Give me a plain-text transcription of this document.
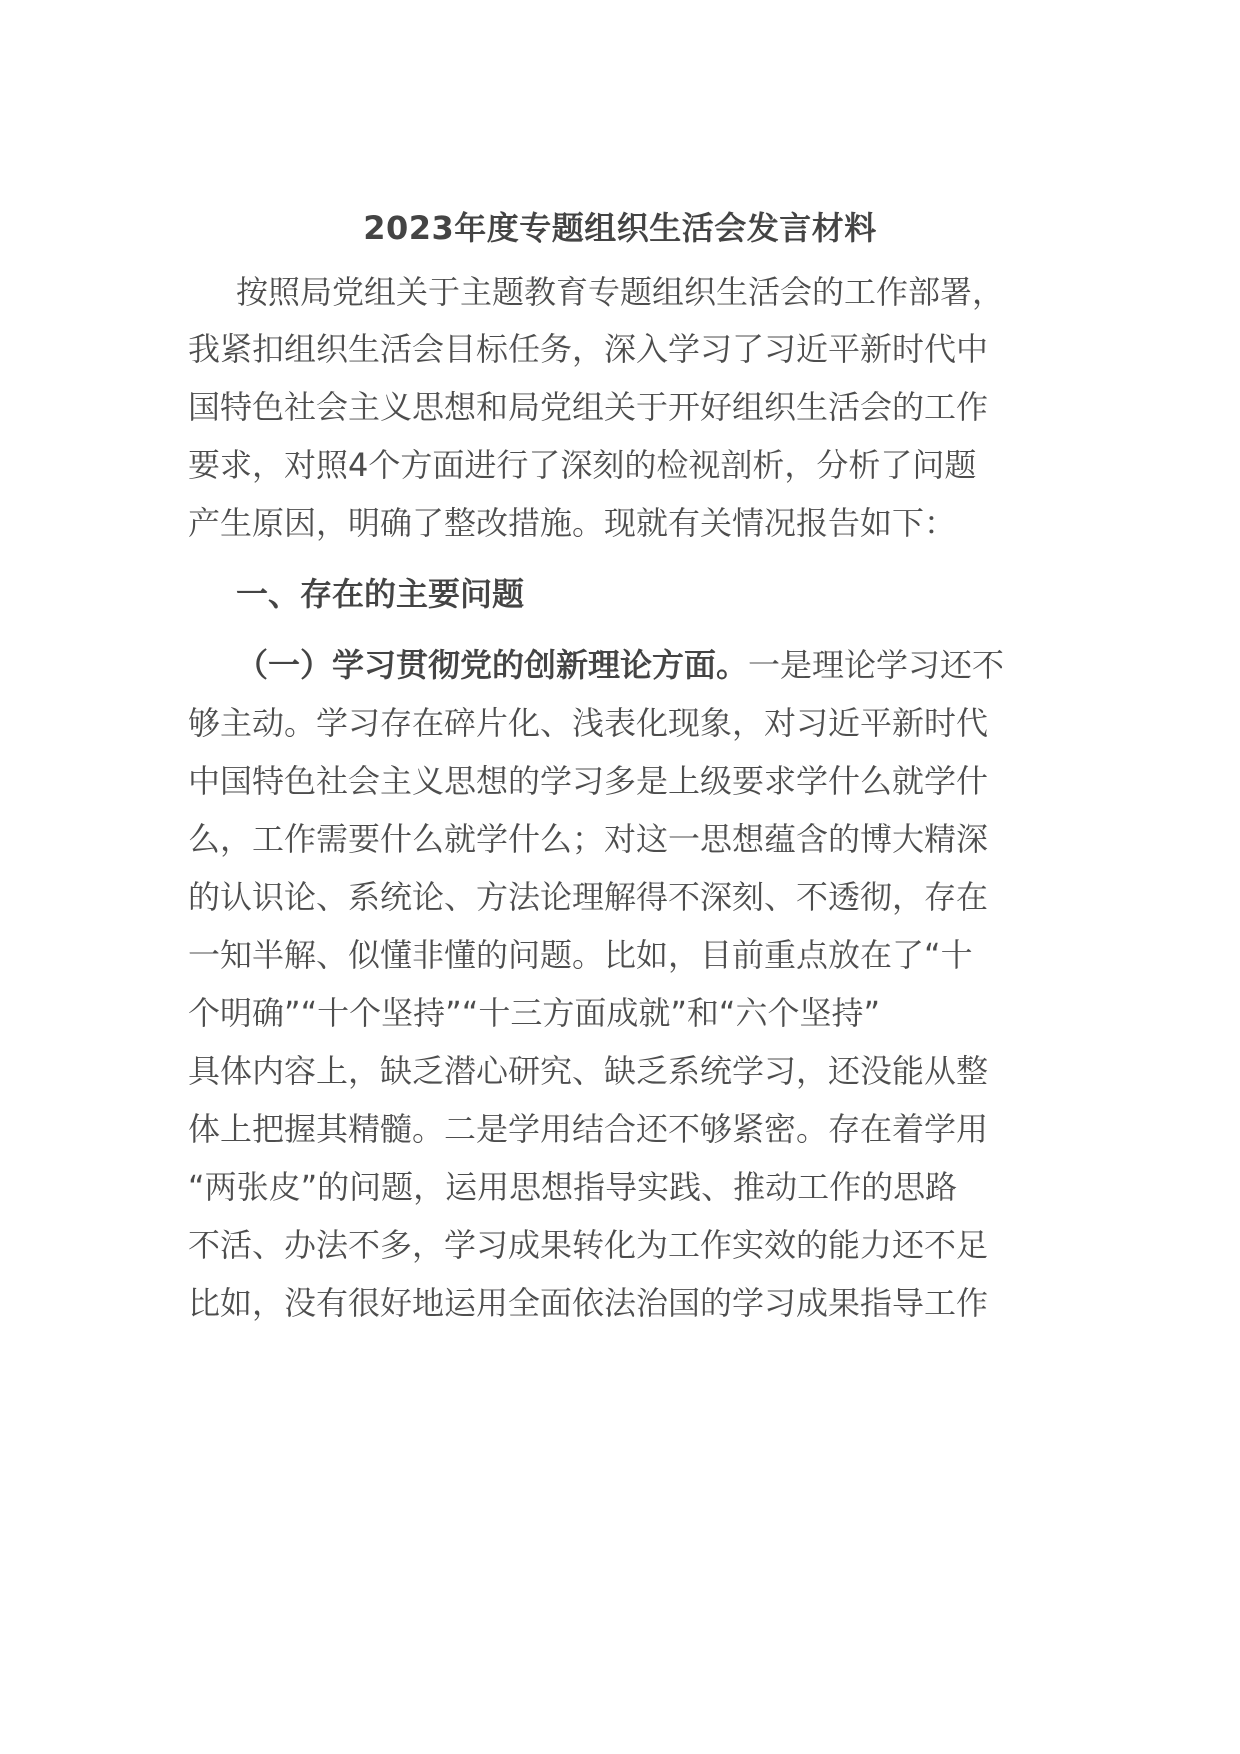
2023年度专题组织生活会发言材料

按照局党组关于主题教育专题组织生活会的工作部署，

我紧扣组织生活会目标任务，深入学习了习近平新时代中

国特色社会主义思想和局党组关于开好组织生活会的工作

要求，对照4个方面进行了深刻的检视剖析，分析了问题

产生原因，明确了整改措施。现就有关情况报告如下：

一、存在的主要问题

（一）学习贯彻党的创新理论方面。一是理论学习还不

够主动。学习存在碎片化、浅表化现象，对习近平新时代

中国特色社会主义思想的学习多是上级要求学什么就学什

么，工作需要什么就学什么；对这一思想蕴含的博大精深

的认识论、系统论、方法论理解得不深刻、不透彻，存在

一知半解、似懂非懂的问题。比如，目前重点放在了“十

个明确”“十个坚持”“十三方面成就”和“六个坚持”

具体内容上，缺乏潜心研究、缺乏系统学习，还没能从整

体上把握其精髓。二是学用结合还不够紧密。存在着学用

“两张皮”的问题，运用思想指导实践、推动工作的思路

不活、办法不多，学习成果转化为工作实效的能力还不足

比如，没有很好地运用全面依法治国的学习成果指导工作
